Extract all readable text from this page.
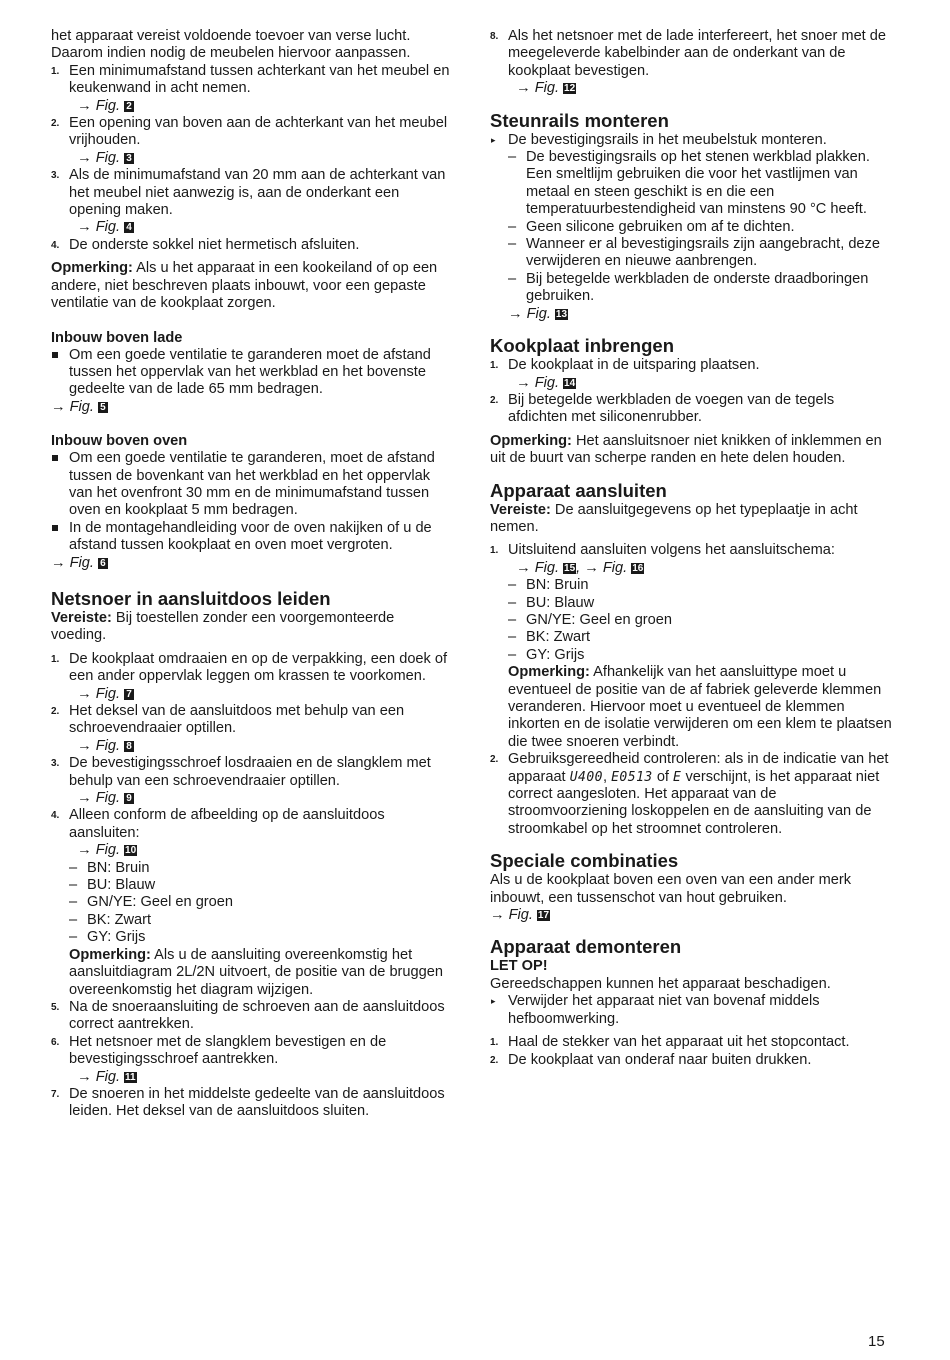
het apparaat vereist voldoende toevoer van verse lucht. Daarom indien nodig de meubelen hiervoor aanpassen.

1. Een minimumafstand tussen achterkant van het meubel en keukenwand in acht nemen.
→ Fig. 2
2. Een opening van boven aan de achterkant van het meubel vrijhouden.
→ Fig. 3
3. Als de minimumafstand van 20 mm aan de achterkant van het meubel niet aanwezig is, aan de onderkant een opening maken.
→ Fig. 4
4. De onderste sokkel niet hermetisch afsluiten.

Opmerking: Als u het apparaat in een kookeiland of op een andere, niet beschreven plaats inbouwt, voor een gepaste ventilatie van de kookplaat zorgen.

Inbouw boven lade
Om een goede ventilatie te garanderen moet de afstand tussen het oppervlak van het werkblad en het bovenste gedeelte van de lade 65 mm bedragen.
→ Fig. 5
Inbouw boven oven
Om een goede ventilatie te garanderen, moet de afstand tussen de bovenkant van het werkblad en het oppervlak van het ovenfront 30 mm en de minimumafstand tussen oven en kookplaat 5 mm bedragen.
In de montagehandleiding voor de oven nakijken of u de afstand tussen kookplaat en oven moet vergroten.
→ Fig. 6
Netsnoer in aansluitdoos leiden

Vereiste: Bij toestellen zonder een voorgemonteerde voeding.

1. De kookplaat omdraaien en op de verpakking, een doek of een ander oppervlak leggen om krassen te voorkomen.
→ Fig. 7
2. Het deksel van de aansluitdoos met behulp van een schroevendraaier optillen.
→ Fig. 8
3. De bevestigingsschroef losdraaien en de slangklem met behulp van een schroevendraaier optillen.
→ Fig. 9
4. Alleen conform de afbeelding op de aansluitdoos aansluiten:
→ Fig. 10
– BN: Bruin
– BU: Blauw
– GN/YE: Geel en groen
– BK: Zwart
– GY: Grijs

Opmerking: Als u de aansluiting overeenkomstig het aansluitdiagram 2L/2N uitvoert, de positie van de bruggen overeenkomstig het diagram wijzigen.

5. Na de snoeraansluiting de schroeven aan de aansluitdoos correct aantrekken.
6. Het netsnoer met de slangklem bevestigen en de bevestigingsschroef aantrekken.
→ Fig. 11
7. De snoeren in het middelste gedeelte van de aansluitdoos leiden. Het deksel van de aansluitdoos sluiten.
8. Als het netsnoer met de lade interfereert, het snoer met de meegeleverde kabelbinder aan de onderkant van de kookplaat bevestigen.
→ Fig. 12
Steunrails monteren
▸ De bevestigingsrails in het meubelstuk monteren.
– De bevestigingsrails op het stenen werkblad plakken. Een smeltlijm gebruiken die voor het vastlijmen van metaal en steen geschikt is en die een temperatuurbestendigheid van minstens 90 °C heeft.
– Geen silicone gebruiken om af te dichten.
– Wanneer er al bevestigingsrails zijn aangebracht, deze verwijderen en nieuwe aanbrengen.
– Bij betegelde werkbladen de onderste draadboringen gebruiken.
→ Fig. 13
Kookplaat inbrengen
1. De kookplaat in de uitsparing plaatsen.
→ Fig. 14
2. Bij betegelde werkbladen de voegen van de tegels afdichten met siliconenrubber.

Opmerking: Het aansluitsnoer niet knikken of inklemmen en uit de buurt van scherpe randen en hete delen houden.

Apparaat aansluiten

Vereiste: De aansluitgegevens op het typeplaatje in acht nemen.

1. Uitsluitend aansluiten volgens het aansluitschema:
→ Fig. 15, → Fig. 16
– BN: Bruin
– BU: Blauw
– GN/YE: Geel en groen
– BK: Zwart
– GY: Grijs

Opmerking: Afhankelijk van het aansluittype moet u eventueel de positie van de af fabriek geleverde klemmen veranderen. Hiervoor moet u eventueel de klemmen inkorten en de isolatie verwijderen om een klem te plaatsen die twee snoeren verbindt.

2. Gebruiksgereedheid controleren: als in de indicatie van het apparaat U400, E0513 of E verschijnt, is het apparaat niet correct aangesloten. Het apparaat van de stroomvoorziening loskoppelen en de aansluiting van de stroomkabel op het stroomnet controleren.
Speciale combinaties

Als u de kookplaat boven een oven van een ander merk inbouwt, een tussenschot van hout gebruiken.

→ Fig. 17
Apparaat demonteren

LET OP!

Gereedschappen kunnen het apparaat beschadigen.

▸ Verwijder het apparaat niet van bovenaf middels hefboomwerking.
1. Haal de stekker van het apparaat uit het stopcontact.
2. De kookplaat van onderaf naar buiten drukken.
15
